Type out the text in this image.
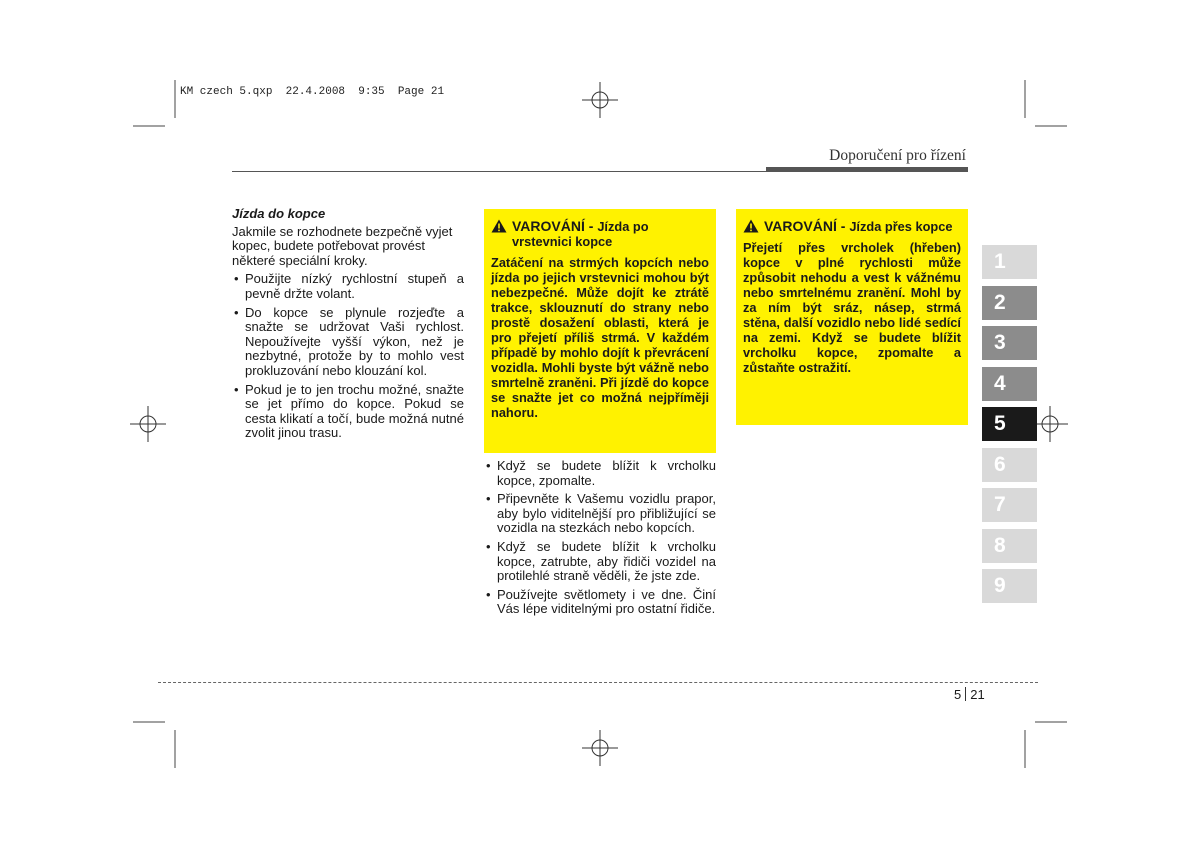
KM czech 5.qxp  22.4.2008  9:35  Page 21
Doporučení pro řízení
Jízda do kopce
Jakmile se rozhodnete bezpečně vyjet kopec, budete potřebovat provést některé speciální kroky.
• Použijte nízký rychlostní stupeň a pevně držte volant.
• Do kopce se plynule rozjeďte a snažte se udržovat Vaši rychlost. Nepoužívejte vyšší výkon, než je nezbytné, protože by to mohlo vest prokluzování nebo klouzání kol.
• Pokud je to jen trochu možné, snažte se jet přímo do kopce. Pokud se cesta klikatí a točí, bude možná nutné zvolit jinou trasu.
VAROVÁNÍ - Jízda po vrstevnici kopce
Zatáčení na strmých kopcích nebo jízda po jejich vrstevnici mohou být nebezpečné. Může dojít ke ztrátě trakce, sklouznutí do strany nebo prostě dosažení oblasti, která je pro přejetí příliš strmá. V každém případě by mohlo dojít k převrácení vozidla. Mohli byste být vážně nebo smrtelně zraněni. Při jízdě do kopce se snažte jet co možná nejpříměji nahoru.
VAROVÁNÍ - Jízda přes kopce
Přejetí přes vrcholek (hřeben) kopce v plné rychlosti může způsobit nehodu a vest k vážnému nebo smrtelnému zranění. Mohl by za ním být sráz, násep, strmá stěna, další vozidlo nebo lidé sedící na zemi. Když se budete blížit vrcholku kopce, zpomalte a zůstaňte ostražití.
• Když se budete blížit k vrcholku kopce, zpomalte.
• Připevněte k Vašemu vozidlu prapor, aby bylo viditelnější pro přibližující se vozidla na stezkách nebo kopcích.
• Když se budete blížit k vrcholku kopce, zatrubte, aby řidiči vozidel na protilehlé straně věděli, že jste zde.
• Používejte světlomety i ve dne. Činí Vás lépe viditelnými pro ostatní řidiče.
1
2
3
4
5
6
7
8
9
5 21
